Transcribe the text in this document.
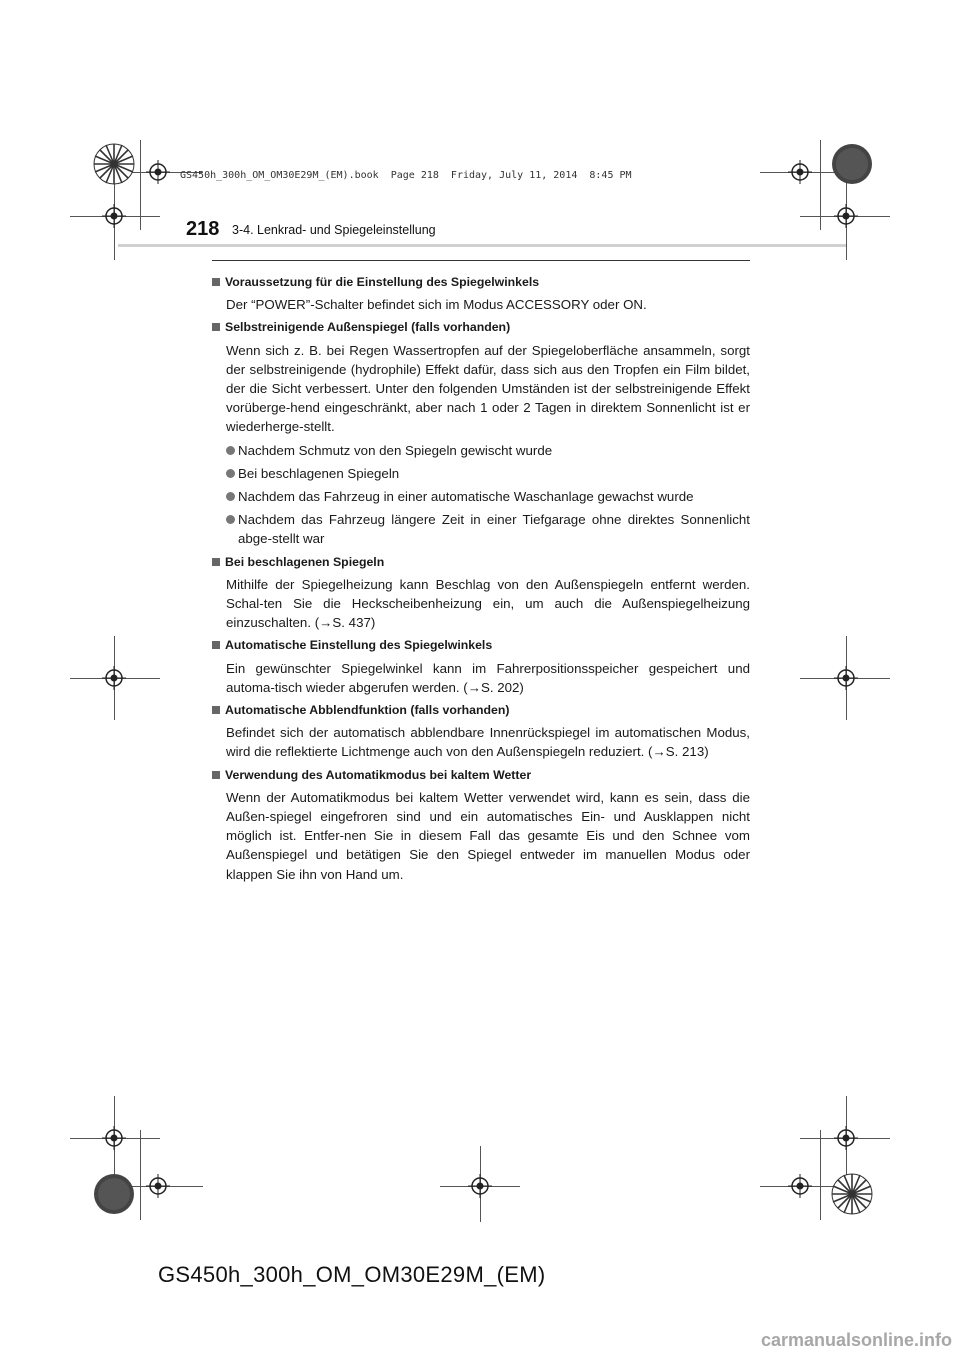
GS450h_300h_OM_OM30E29M_(EM).book  Page 218  Friday, July 11, 2014  8:45 PM
218 3-4. Lenkrad- und Spiegeleinstellung
Voraussetzung für die Einstellung des Spiegelwinkels
Der “POWER”-Schalter befindet sich im Modus ACCESSORY oder ON.
Selbstreinigende Außenspiegel (falls vorhanden)
Wenn sich z. B. bei Regen Wassertropfen auf der Spiegeloberfläche ansammeln, sorgt der selbstreinigende (hydrophile) Effekt dafür, dass sich aus den Tropfen ein Film bildet, der die Sicht verbessert. Unter den folgenden Umständen ist der selbstreinigende Effekt vorüberge-hend eingeschränkt, aber nach 1 oder 2 Tagen in direktem Sonnenlicht ist er wiederherge-stellt.
Nachdem Schmutz von den Spiegeln gewischt wurde
Bei beschlagenen Spiegeln
Nachdem das Fahrzeug in einer automatische Waschanlage gewachst wurde
Nachdem das Fahrzeug längere Zeit in einer Tiefgarage ohne direktes Sonnenlicht abge-stellt war
Bei beschlagenen Spiegeln
Mithilfe der Spiegelheizung kann Beschlag von den Außenspiegeln entfernt werden. Schal-ten Sie die Heckscheibenheizung ein, um auch die Außenspiegelheizung einzuschalten. (→S. 437)
Automatische Einstellung des Spiegelwinkels
Ein gewünschter Spiegelwinkel kann im Fahrerpositionsspeicher gespeichert und automa-tisch wieder abgerufen werden. (→S. 202)
Automatische Abblendfunktion (falls vorhanden)
Befindet sich der automatisch abblendbare Innenrückspiegel im automatischen Modus, wird die reflektierte Lichtmenge auch von den Außenspiegeln reduziert. (→S. 213)
Verwendung des Automatikmodus bei kaltem Wetter
Wenn der Automatikmodus bei kaltem Wetter verwendet wird, kann es sein, dass die Außen-spiegel eingefroren sind und ein automatisches Ein- und Ausklappen nicht möglich ist. Entfer-nen Sie in diesem Fall das gesamte Eis und den Schnee vom Außenspiegel und betätigen Sie den Spiegel entweder im manuellen Modus oder klappen Sie ihn von Hand um.
GS450h_300h_OM_OM30E29M_(EM)
carmanualsonline.info
